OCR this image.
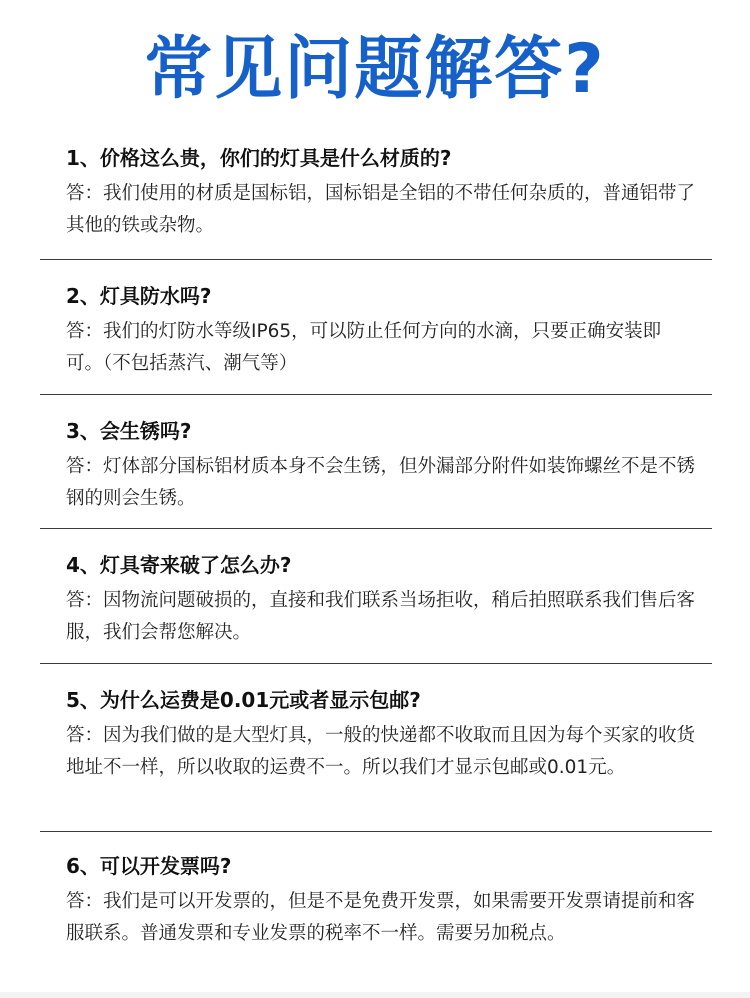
常见问题解答?
1、价格这么贵，你们的灯具是什么材质的?
答：我们使用的材质是国标铝，国标铝是全铝的不带任何杂质的，普通铝带了其他的铁或杂物。
2、灯具防水吗?
答：我们的灯防水等级IP65，可以防止任何方向的水滴，只要正确安装即可。（不包括蒸汽、潮气等）
3、会生锈吗?
答：灯体部分国标铝材质本身不会生锈，但外漏部分附件如装饰螺丝不是不锈钢的则会生锈。
4、灯具寄来破了怎么办?
答：因物流问题破损的，直接和我们联系当场拒收，稍后拍照联系我们售后客服，我们会帮您解决。
5、为什么运费是0.01元或者显示包邮?
答：因为我们做的是大型灯具，一般的快递都不收取而且因为每个买家的收货地址不一样，所以收取的运费不一。所以我们才显示包邮或0.01元。
6、可以开发票吗?
答：我们是可以开发票的，但是不是免费开发票，如果需要开发票请提前和客服联系。普通发票和专业发票的税率不一样。需要另加税点。
